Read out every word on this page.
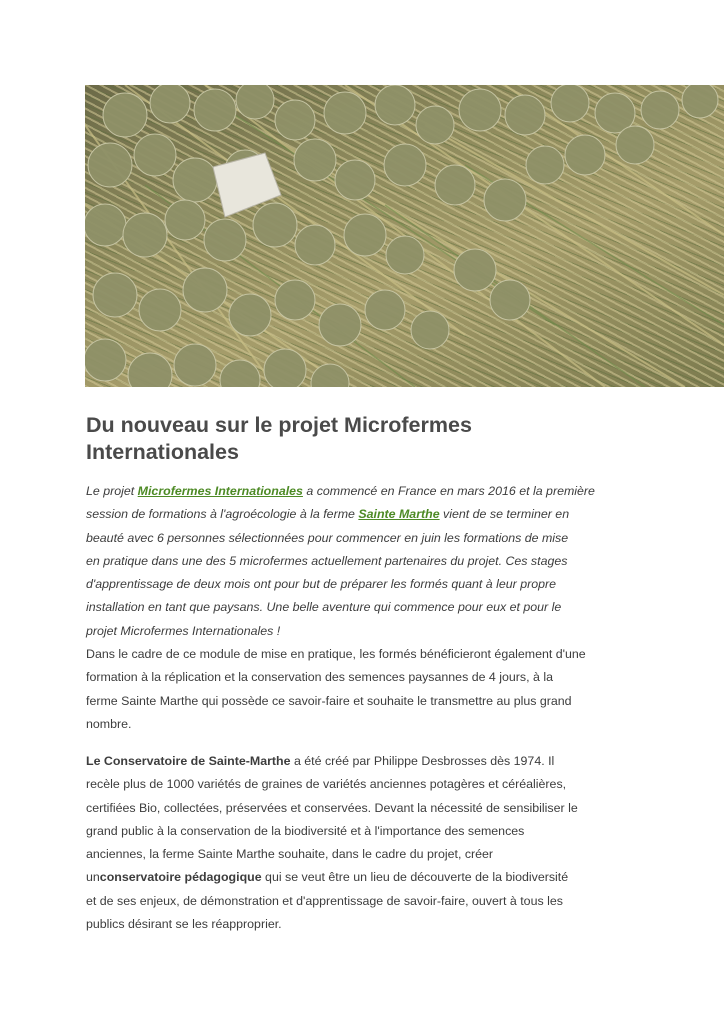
Du nouveau sur le projet Microfermes
Internationales
Le projet Microfermes Internationales a commencé en France en mars 2016 et la première
session de formations à l'agroécologie à la ferme Sainte Marthe vient de se terminer en
beauté avec 6 personnes sélectionnées pour commencer en juin les formations de mise
en pratique dans une des 5 microfermes actuellement partenaires du projet. Ces stages
d'apprentissage de deux mois ont pour but de préparer les formés quant à leur propre
installation en tant que paysans. Une belle aventure qui commence pour eux et pour le
projet Microfermes Internationales !
Dans le cadre de ce module de mise en pratique, les formés bénéficieront également d'une
formation à la réplication et la conservation des semences paysannes de 4 jours, à la
ferme Sainte Marthe qui possède ce savoir-faire et souhaite le transmettre au plus grand
nombre.
Le Conservatoire de Sainte-Marthe a été créé par Philippe Desbrosses dès 1974. Il
recèle plus de 1000 variétés de graines de variétés anciennes potagères et céréalières,
certifiées Bio, collectées, préservées et conservées. Devant la nécessité de sensibiliser le
grand public à la conservation de la biodiversité et à l'importance des semences
anciennes, la ferme Sainte Marthe souhaite, dans le cadre du projet, créer
unconservatoire pédagogique qui se veut être un lieu de découverte de la biodiversité
et de ses enjeux, de démonstration et d'apprentissage de savoir-faire, ouvert à tous les
publics désirant se les réapproprier.
